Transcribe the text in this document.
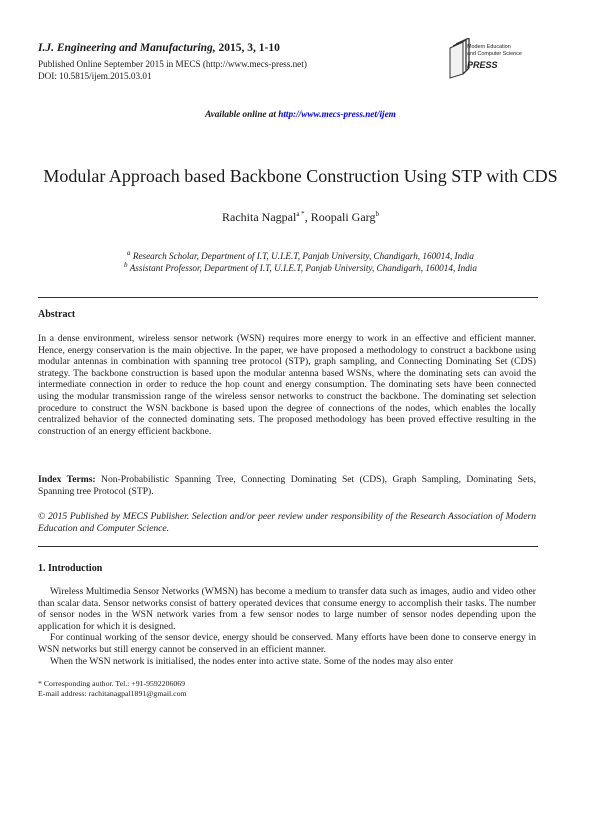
I.J. Engineering and Manufacturing, 2015, 3, 1-10
Published Online September 2015 in MECS (http://www.mecs-press.net)
DOI: 10.5815/ijem.2015.03.01
Modern Education
and Computer Science
PRESS
Available online at http://www.mecs-press.net/ijem
Modular Approach based Backbone Construction Using STP with CDS
Rachita Nagpal$^{a *}$, Roopali Garg$^b$
$^a$ Research Scholar, Department of I.T, U.I.E.T, Panjab University, Chandigarh, 160014, India
$^b$ Assistant Professor, Department of I.T, U.I.E.T, Panjab University, Chandigarh, 160014, India
Abstract

In a dense environment, wireless sensor network (WSN) requires more energy to work in an effective and efficient manner. Hence, energy conservation is the main objective. In the paper, we have proposed a methodology to construct a backbone using modular antennas in combination with spanning tree protocol (STP), graph sampling, and Connecting Dominating Set (CDS) strategy. The backbone construction is based upon the modular antenna based WSNs, where the dominating sets can avoid the intermediate connection in order to reduce the hop count and energy consumption. The dominating sets have been connected using the modular transmission range of the wireless sensor networks to construct the backbone. The dominating set selection procedure to construct the WSN backbone is based upon the degree of connections of the nodes, which enables the locally centralized behavior of the connected dominating sets. The proposed methodology has been proved effective resulting in the construction of an energy efficient backbone.

Index Terms: Non-Probabilistic Spanning Tree, Connecting Dominating Set (CDS), Graph Sampling, Dominating Sets, Spanning tree Protocol (STP).

© 2015 Published by MECS Publisher. Selection and/or peer review under responsibility of the Research Association of Modern Education and Computer Science.

1. Introduction

Wireless Multimedia Sensor Networks (WMSN) has become a medium to transfer data such as images, audio and video other than scalar data. Sensor networks consist of battery operated devices that consume energy to accomplish their tasks. The number of sensor nodes in the WSN network varies from a few sensor nodes to large number of sensor nodes depending upon the application for which it is designed.

For continual working of the sensor device, energy should be conserved. Many efforts have been done to conserve energy in WSN networks but still energy cannot be conserved in an efficient manner.

When the WSN network is initialised, the nodes enter into active state. Some of the nodes may also enter

* Corresponding author. Tel.: +91-9592206069
E-mail address: rachitanagpal1891@gmail.com
